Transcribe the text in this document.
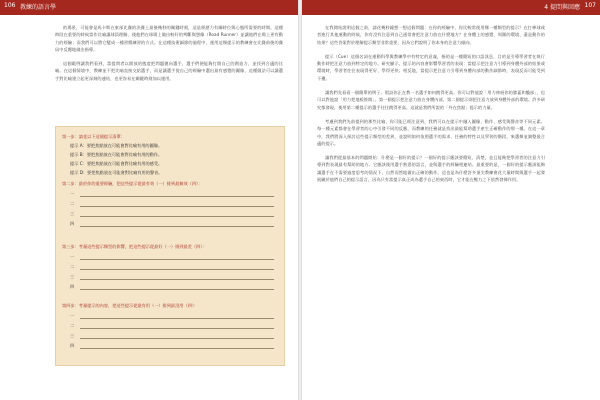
106 教練的語言學	4 提問與回應 107

的場景，可能會是馬卡斯在東部比賽的決賽上最後幾秒的關鍵時刻，這是經歷力有關時位與心態所需要的時間。這種時段在重要的時候當作比喻讓球員理解，使他們在球場上做出較好的判斷與想像（Road Runner）並讓他們在場上更有動力的經驗；而我們可以將它變成一種習慣練習的方式。在這種技術細節的過程中，運用這類提示的教練會在比賽前後的賽局中反覆地做出指導。

這個範例讓我們看到，當提問者以開放的態度把問題拋向選手，選手們便能夠打開自己的創造力，並找到合適的比喻。在這個情境中，教練並不把比喻直接交給選手，而是讓選手從自己的經驗中選出最有感覺的圖像，這種做法可以讓選手對比喻建立起更深刻的連結，也更容易在關鍵時刻加以運用。

第一步：請花以下這個提示清單：
提示 A：要把焦點放在可能會對比喻有用的圖像。
提示 B：要把焦點放在可能會對比喻有用的動作。
提示 C：要把焦點放在可能會對比喻有用的感受。
提示 D：要把焦點放在可能會對比喻有用的聲音。
第二步：最於你的重要經驗，把這些提示從最有效（一）排到最無效（四）：
一
二
三
四
第三步：考量這些提示類型的影響，把這些提示從最好（一）排到最差（四）：
一
二
三
四
第四步：考量提示的內容，把這些提示從最有用（一）排到最沒用（四）：
一
二
三
四

在我開始說明這個之前，請花幾秒鐘想一想這個問題：在你的經驗中，你比較常使用哪一種類型的提示？在打棒球或者進行其他運動的時候，你有沒有注意到自己通常會把注意力放在什麼地方？在身體上的感覺、周圍的環境、還是動作的結果？這些答案對於理解提示類型非常重要，因為它們說明了你本身的注意力傾向。

提示（Cue）這個名詞在運動科學與教練學中有特定的意義，指的是一種簡短的口語訊息，目的是引導學習者在執行動作時把注意力放到特定的地方。研究顯示，提示的內容會影響學習者的表現：當提示把注意力引導到身體外部的結果或環境時，學習者往往表現得更好、學得更快；相反地，當提示把注意力引導到身體內部的動作細節時，表現反而可能受到干擾。

讓我們先看看一個簡單的例子。假設你正在教一名選手如何跳得更高。你可以對他說「用力伸展你的膝蓋和髖部」，也可以對他說「用力把地板推開」。第一個提示把注意力放在身體內部，第二個提示則把注意力放到身體外部的環境。許多研究都發現，使用第二種提示的選手往往跳得更高。這就是我們所說的「外在焦點」提示的力量。

考慮到我們先前提到的那些比喻，你可能已經注意到，我們可以在提示中融入圖像、動作、感受與聲音等不同元素。每一種元素都會在學習者的心中引發不同的反應，而教練的任務就是找出最能幫助選手產生正確動作的那一種。在這一章中，我們將深入探討這些提示類型的差異，並說明如何依照選手的需求、任務的特性以及學習的階段，來選擇並調整最合適的提示。

讓我們從最基本的問題開始：什麼是一個好的提示？一個好的提示應該要簡短、清楚，並且能夠把學習者的注意力引導到對表現最有幫助的地方。它應該使用選手熟悉的語言，並與選手的經驗相連結。最重要的是，一個好的提示應該能夠讓選手在不需要過度思考的情況下，自然而然地做出正確的動作。這也是為什麼許多頂尖教練會花大量時間與選手一起發展屬於他們自己的提示語言，因為只有當提示真正成為選手自己的東西時，它才能在壓力之下依然發揮作用。
